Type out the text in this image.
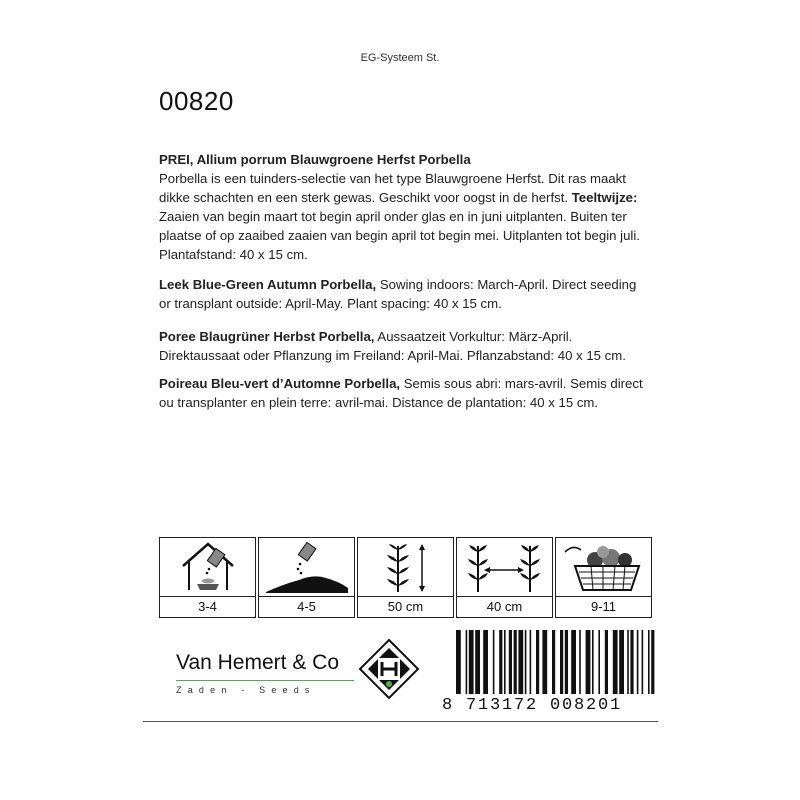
EG-Systeem St.
00820
PREI, Allium porrum Blauwgroene Herfst Porbella
Porbella is een tuinders-selectie van het type Blauwgroene Herfst. Dit ras maakt dikke schachten en een sterk gewas. Geschikt voor oogst in de herfst. Teeltwijze: Zaaien van begin maart tot begin april onder glas en in juni uitplanten. Buiten ter plaatse of op zaaibed zaaien van begin april tot begin mei. Uitplanten tot begin juli. Plantafstand: 40 x 15 cm.
Leek Blue-Green Autumn Porbella, Sowing indoors: March-April. Direct seeding or transplant outside: April-May. Plant spacing: 40 x 15 cm.
Poree Blaugrüner Herbst Porbella, Aussaatzeit Vorkultur: März-April. Direktaussaat oder Pflanzung im Freiland: April-Mai. Pflanzabstand: 40 x 15 cm.
Poireau Bleu-vert d’Automne Porbella, Semis sous abri: mars-avril. Semis direct ou transplanter en plein terre: avril-mai. Distance de plantation: 40 x 15 cm.
3-4	4-5	50 cm	40 cm	9-11
Van Hemert & Co
Zaden - Seeds
8 713172 008201
